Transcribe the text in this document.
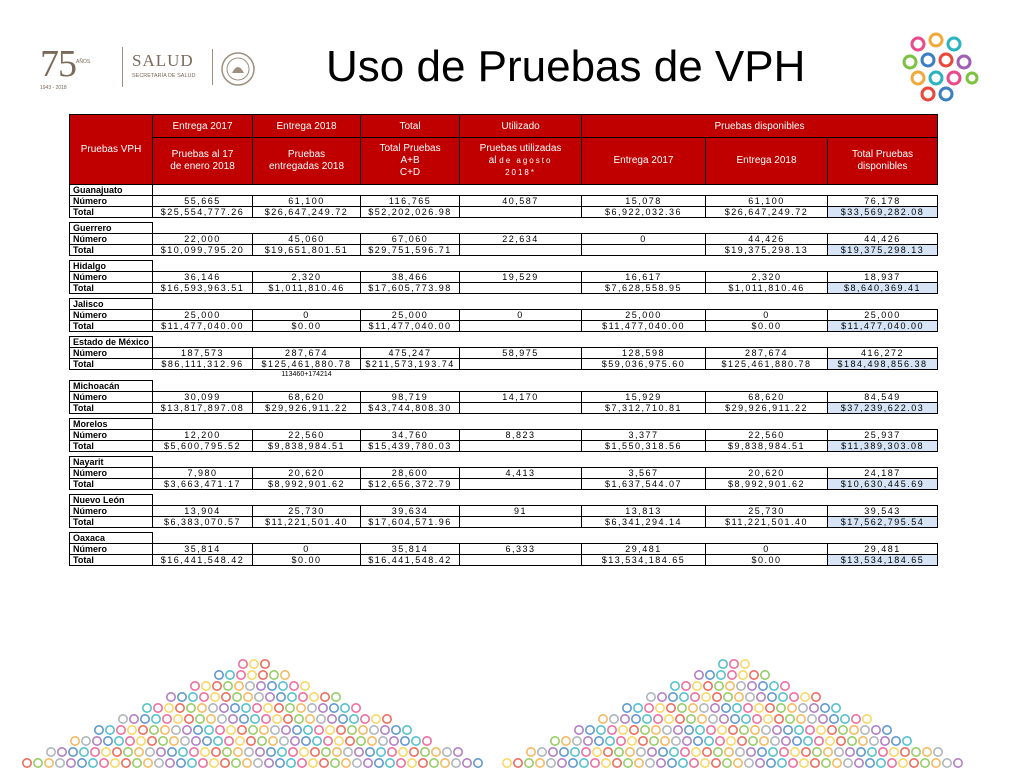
75 AÑOS
1943 - 2018
SALUD
SECRETARÍA DE SALUD	Uso de Pruebas de VPH
Pruebas VPH	Entrega 2017	Entrega 2018	Total	Utilizado	Pruebas disponibles		
	Pruebas al 17
de enero 2018	Pruebas
entregadas 2018	Total Pruebas
A+B
C+D	Pruebas utilizadas
al de agosto
2018*	Entrega 2017	Entrega 2018	Total Pruebas
disponibles
Guanajuato							
Número	55,665	61,100	116,765	40,587	15,078	61,100	76,178
Total	$25,554,777.26	$26,647,249.72	$52,202,026.98		$6,922,032.36	$26,647,249.72	$33,569,282.08

Guerrero							
Número	22,000	45,060	67,060	22,634	0	44,426	44,426
Total	$10,099,795.20	$19,651,801.51	$29,751,596.71			$19,375,298.13	$19,375,298.13

Hidalgo							
Número	36,146	2,320	38,466	19,529	16,617	2,320	18,937
Total	$16,593,963.51	$1,011,810.46	$17,605,773.98		$7,628,558.95	$1,011,810.46	$8,640,369.41

Jalisco							
Número	25,000	0	25,000	0	25,000	0	25,000
Total	$11,477,040.00	$0.00	$11,477,040.00		$11,477,040.00	$0.00	$11,477,040.00

Estado de México							
Número	187,573	287,674	475,247	58,975	128,598	287,674	416,272
Total	$86,111,312.96	$125,461,880.78	$211,573,193.74		$59,036,975.60	$125,461,880.78	$184,498,856.38
		113460+174214					
Michoacán							
Número	30,099	68,620	98,719	14,170	15,929	68,620	84,549
Total	$13,817,897.08	$29,926,911.22	$43,744,808.30		$7,312,710.81	$29,926,911.22	$37,239,622.03

Morelos							
Número	12,200	22,560	34,760	8,823	3,377	22,560	25,937
Total	$5,600,795.52	$9,838,984.51	$15,439,780.03		$1,550,318.56	$9,838,984.51	$11,389,303.08

Nayarit							
Número	7,980	20,620	28,600	4,413	3,567	20,620	24,187
Total	$3,663,471.17	$8,992,901.62	$12,656,372.79		$1,637,544.07	$8,992,901.62	$10,630,445.69

Nuevo León							
Número	13,904	25,730	39,634	91	13,813	25,730	39,543
Total	$6,383,070.57	$11,221,501.40	$17,604,571.96		$6,341,294.14	$11,221,501.40	$17,562,795.54

Oaxaca							
Número	35,814	0	35,814	6,333	29,481	0	29,481
Total	$16,441,548.42	$0.00	$16,441,548.42		$13,534,184.65	$0.00	$13,534,184.65
